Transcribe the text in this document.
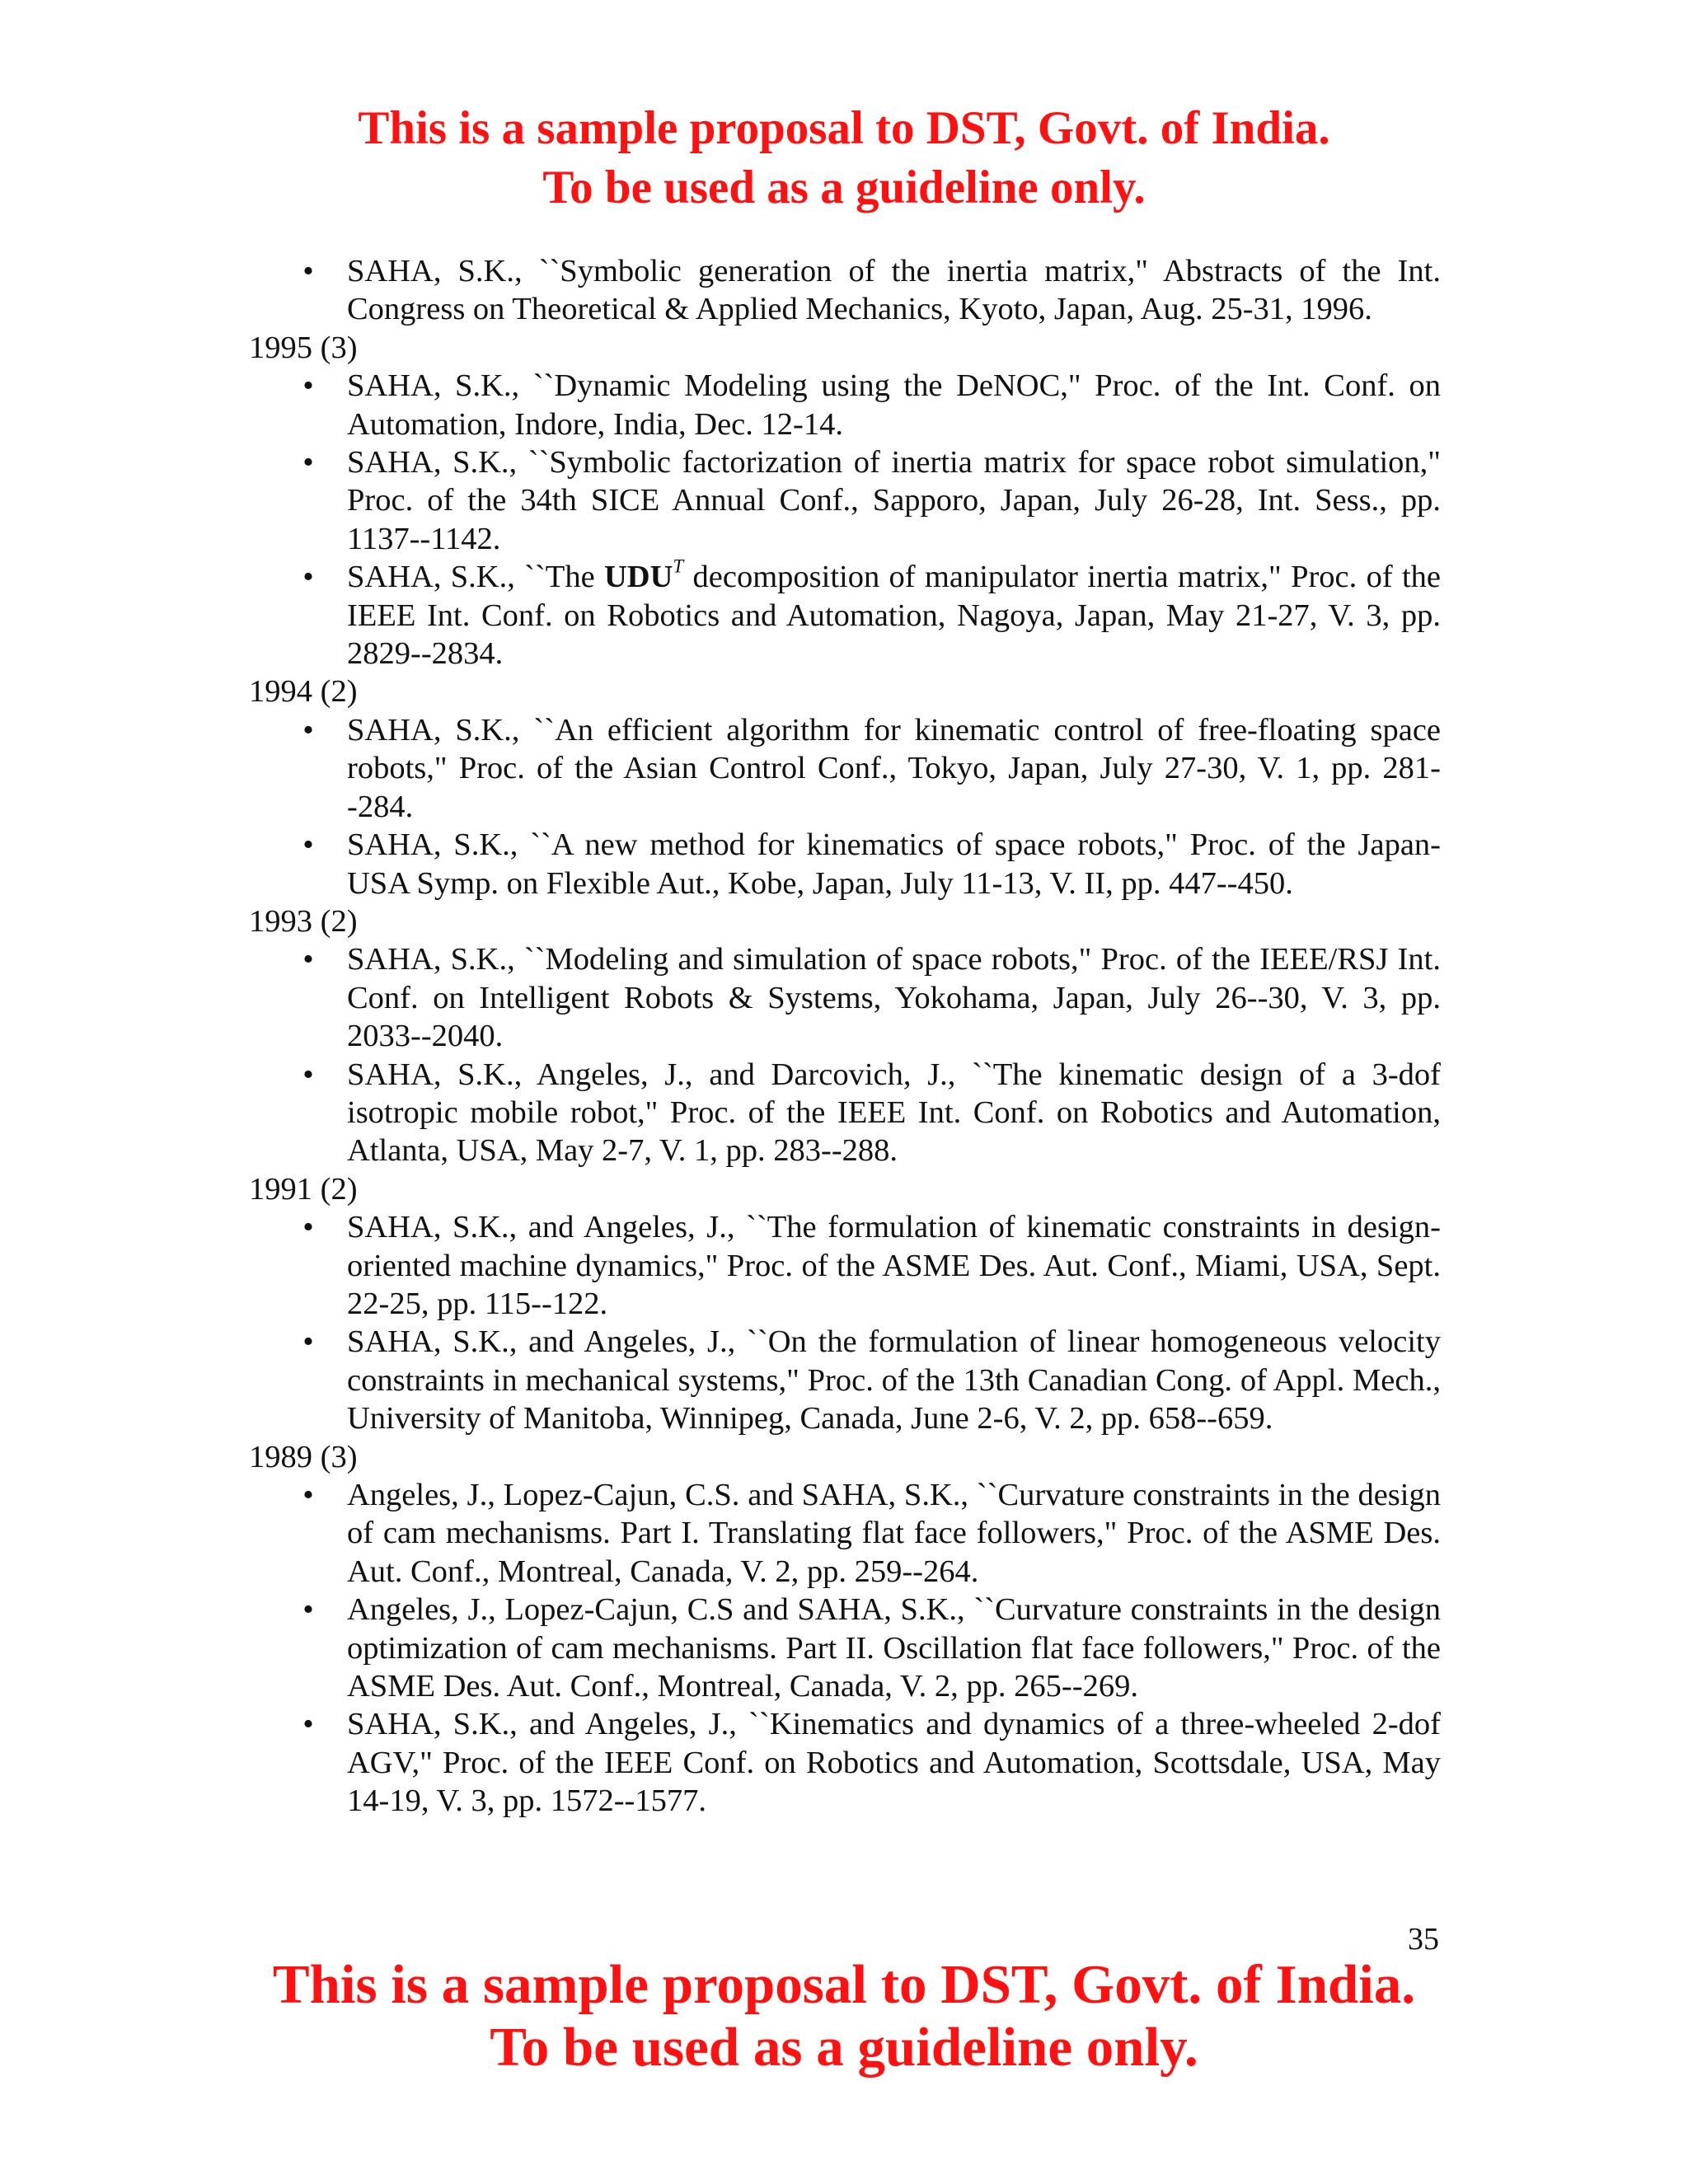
This is a sample proposal to DST, Govt. of India.
To be used as a guideline only.
• SAHA, S.K., ``Symbolic generation of the inertia matrix," Abstracts of the Int. Congress on Theoretical & Applied Mechanics, Kyoto, Japan, Aug. 25-31, 1996.
1995 (3)
• SAHA, S.K., ``Dynamic Modeling using the DeNOC," Proc. of the Int. Conf. on Automation, Indore, India, Dec. 12-14.
• SAHA, S.K., ``Symbolic factorization of inertia matrix for space robot simulation," Proc. of the 34th SICE Annual Conf., Sapporo, Japan, July 26-28, Int. Sess., pp. 1137--1142.
• SAHA, S.K., ``The $UDU^T$ decomposition of manipulator inertia matrix," Proc. of the IEEE Int. Conf. on Robotics and Automation, Nagoya, Japan, May 21-27, V. 3, pp. 2829--2834.
1994 (2)
• SAHA, S.K., ``An efficient algorithm for kinematic control of free-floating space robots," Proc. of the Asian Control Conf., Tokyo, Japan, July 27-30, V. 1, pp. 281--284.
• SAHA, S.K., ``A new method for kinematics of space robots," Proc. of the Japan-USA Symp. on Flexible Aut., Kobe, Japan, July 11-13, V. II, pp. 447--450.
1993 (2)
• SAHA, S.K., ``Modeling and simulation of space robots," Proc. of the IEEE/RSJ Int. Conf. on Intelligent Robots & Systems, Yokohama, Japan, July 26--30, V. 3, pp. 2033--2040.
• SAHA, S.K., Angeles, J., and Darcovich, J., ``The kinematic design of a 3-dof isotropic mobile robot," Proc. of the IEEE Int. Conf. on Robotics and Automation, Atlanta, USA, May 2-7, V. 1, pp. 283--288.
1991 (2)
• SAHA, S.K., and Angeles, J., ``The formulation of kinematic constraints in design-oriented machine dynamics," Proc. of the ASME Des. Aut. Conf., Miami, USA, Sept. 22-25, pp. 115--122.
• SAHA, S.K., and Angeles, J., ``On the formulation of linear homogeneous velocity constraints in mechanical systems," Proc. of the 13th Canadian Cong. of Appl. Mech., University of Manitoba, Winnipeg, Canada, June 2-6, V. 2, pp. 658--659.
1989 (3)
• Angeles, J., Lopez-Cajun, C.S. and SAHA, S.K., ``Curvature constraints in the design of cam mechanisms. Part I. Translating flat face followers," Proc. of the ASME Des. Aut. Conf., Montreal, Canada, V. 2, pp. 259--264.
• Angeles, J., Lopez-Cajun, C.S and SAHA, S.K., ``Curvature constraints in the design optimization of cam mechanisms. Part II. Oscillation flat face followers," Proc. of the ASME Des. Aut. Conf., Montreal, Canada, V. 2, pp. 265--269.
• SAHA, S.K., and Angeles, J., ``Kinematics and dynamics of a three-wheeled 2-dof AGV," Proc. of the IEEE Conf. on Robotics and Automation, Scottsdale, USA, May 14-19, V. 3, pp. 1572--1577.
35
This is a sample proposal to DST, Govt. of India.
To be used as a guideline only.
